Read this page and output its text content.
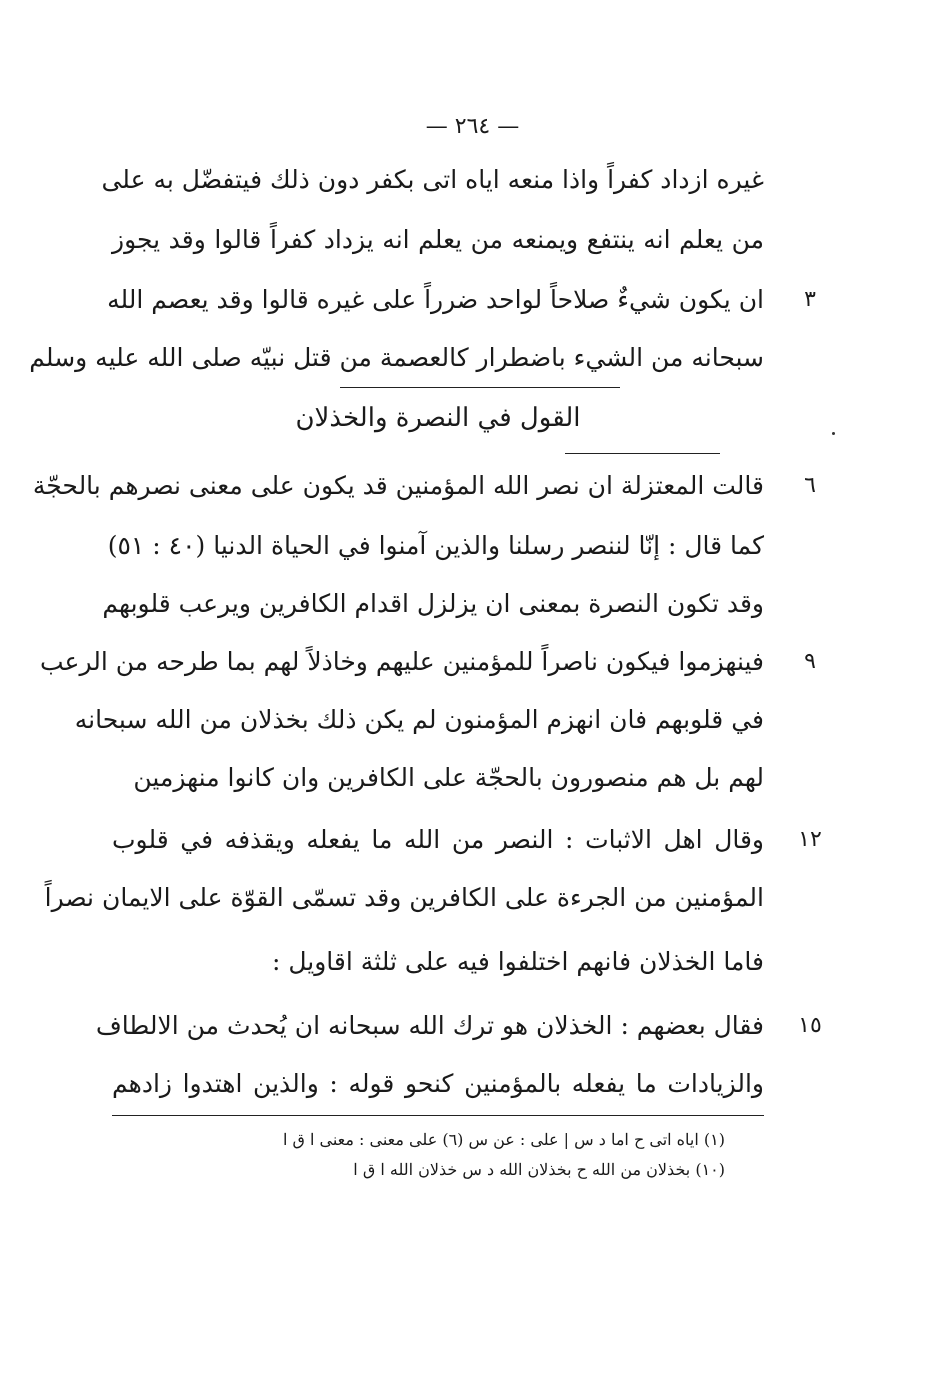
— ٢٦٤ —
غيره ازداد كفراً واذا منعه اياه اتى بكفر دون ذلك فيتفضّل به على
من يعلم انه ينتفع ويمنعه من يعلم انه يزداد كفراً قالوا وقد يجوز
ان يكون شيءٌ صلاحاً لواحد ضرراً على غيره قالوا وقد يعصم الله
سبحانه من الشيء باضطرار كالعصمة من قتل نبيّه صلى الله عليه وسلم
القول في النصرة والخذلان
قالت المعتزلة ان نصر الله المؤمنين قد يكون على معنى نصرهم بالحجّة
كما قال : إنّا لننصر رسلنا والذين آمنوا في الحياة الدنيا (٤٠ : ٥١)
وقد تكون النصرة بمعنى ان يزلزل اقدام الكافرين ويرعب قلوبهم
فينهزموا فيكون ناصراً للمؤمنين عليهم وخاذلاً لهم بما طرحه من الرعب
في قلوبهم فان انهزم المؤمنون لم يكن ذلك بخذلان من الله سبحانه
لهم بل هم منصورون بالحجّة على الكافرين وان كانوا منهزمين
وقال اهل الاثبات : النصر من الله ما يفعله ويقذفه في قلوب
المؤمنين من الجرءة على الكافرين وقد تسمّى القوّة على الايمان نصراً
فاما الخذلان فانهم اختلفوا فيه على ثلثة اقاويل :
فقال بعضهم : الخذلان هو ترك الله سبحانه ان يُحدث من الالطاف
والزيادات ما يفعله بالمؤمنين كنحو قوله : والذين اهتدوا زادهم
٣
٦
٩
١٢
١٥
(١) اياه اتى ح اما د س | على : عن س (٦) على معنى : معنى ا ق ا
(١٠) بخذلان من الله ح بخذلان الله د س خذلان الله ا ق ا
